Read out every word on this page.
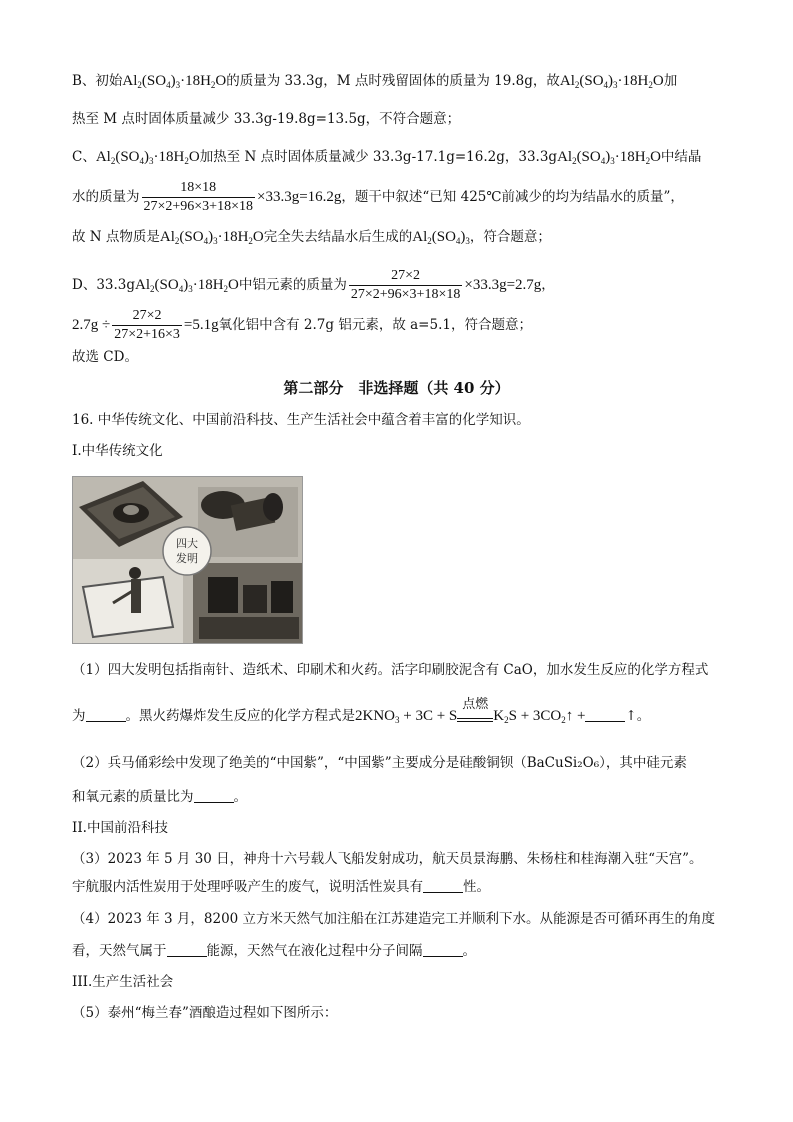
B、初始$Al_2(SO_4)_3\cdot 18H_2O$的质量为 33.3g，M 点时残留固体的质量为 19.8g，故$Al_2(SO_4)_3\cdot 18H_2O$加
热至 M 点时固体质量减少 33.3g-19.8g=13.5g，不符合题意；
C、$Al_2(SO_4)_3\cdot 18H_2O$加热至 N 点时固体质量减少 33.3g-17.1g=16.2g，$33.3gAl_2(SO_4)_3\cdot 18H_2O$中结晶
水的质量为 $\frac{18\times 18}{27\times 2+96\times 3+18\times 18} \times 33.3g=16.2g$，题干中叙述“已知 425℃前减少的均为结晶水的质量”，
故 N 点物质是$Al_2(SO_4)_3\cdot 18H_2O$完全失去结晶水后生成的$Al_2(SO_4)_3$，符合题意；
D、$33.3gAl_2(SO_4)_3\cdot 18H_2O$中铝元素的质量为 $\frac{27\times 2}{27\times 2+96\times 3+18\times 18} \times 33.3g=2.7g$，
$2.7g \div \frac{27\times 2}{27\times 2+16\times 3} =5.1g$氧化铝中含有 2.7g 铝元素，故 a=5.1，符合题意；
故选 CD。
第二部分　非选择题（共 40 分）
16. 中华传统文化、中国前沿科技、生产生活社会中蕴含着丰富的化学知识。
I.中华传统文化
四大
发明
（1）四大发明包括指南针、造纸术、印刷术和火药。活字印刷胶泥含有 CaO，加水发生反应的化学方程式
为	。黑火药爆炸发生反应的化学方程式是$2KNO_3 + 3C + S$
点燃
$K_2S$ + $3CO_2↑$ +	↑。
（2）兵马俑彩绘中发现了绝美的“中国紫”，“中国紫”主要成分是硅酸铜钡（BaCuSi₂O₆），其中硅元素
和氧元素的质量比为	。
II.中国前沿科技
（3）2023 年 5 月 30 日，神舟十六号载人飞船发射成功，航天员景海鹏、朱杨柱和桂海潮入驻“天宫”。
宇航服内活性炭用于处理呼吸产生的废气，说明活性炭具有	性。
（4）2023 年 3 月，8200 立方米天然气加注船在江苏建造完工并顺利下水。从能源是否可循环再生的角度
看，天然气属于	能源，天然气在液化过程中分子间隔	。
III.生产生活社会
（5）泰州“梅兰春”酒酿造过程如下图所示：
